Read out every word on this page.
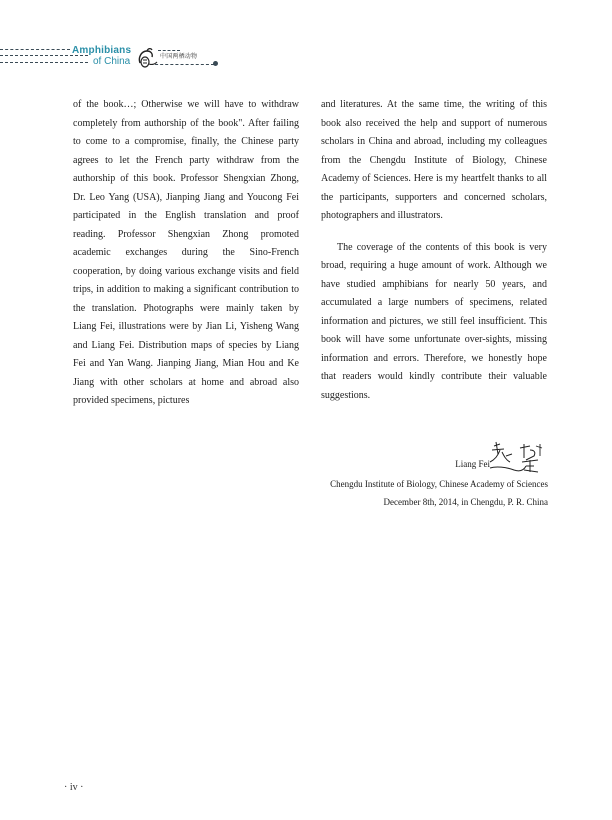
Amphibians
of China	中国两栖动物

of the book…; Otherwise we will have to withdraw completely from authorship of the book". After failing to come to a compromise, finally, the Chinese party agrees to let the French party withdraw from the authorship of this book. Professor Shengxian Zhong, Dr. Leo Yang (USA), Jianping Jiang and Youcong Fei participated in the English translation and proof reading. Professor Shengxian Zhong promoted academic exchanges during the Sino-French cooperation, by doing various exchange visits and field trips, in addition to making a significant contribution to the translation. Photographs were mainly taken by Liang Fei, illustrations were by Jian Li, Yisheng Wang and Liang Fei. Distribution maps of species by Liang Fei and Yan Wang. Jianping Jiang, Mian Hou and Ke Jiang with other scholars at home and abroad also provided specimens, pictures

and literatures. At the same time, the writing of this book also received the help and support of numerous scholars in China and abroad, including my colleagues from the Chengdu Institute of Biology, Chinese Academy of Sciences. Here is my heartfelt thanks to all the participants, supporters and concerned scholars, photographers and illustrators.

The coverage of the contents of this book is very broad, requiring a huge amount of work. Although we have studied amphibians for nearly 50 years, and accumulated a large numbers of specimens, related information and pictures, we still feel insufficient. This book will have some unfortunate over-sights, missing information and errors. Therefore, we honestly hope that readers would kindly contribute their valuable suggestions.

Liang Fei
Chengdu Institute of Biology, Chinese Academy of Sciences
December 8th, 2014, in Chengdu, P. R. China
· iv ·
